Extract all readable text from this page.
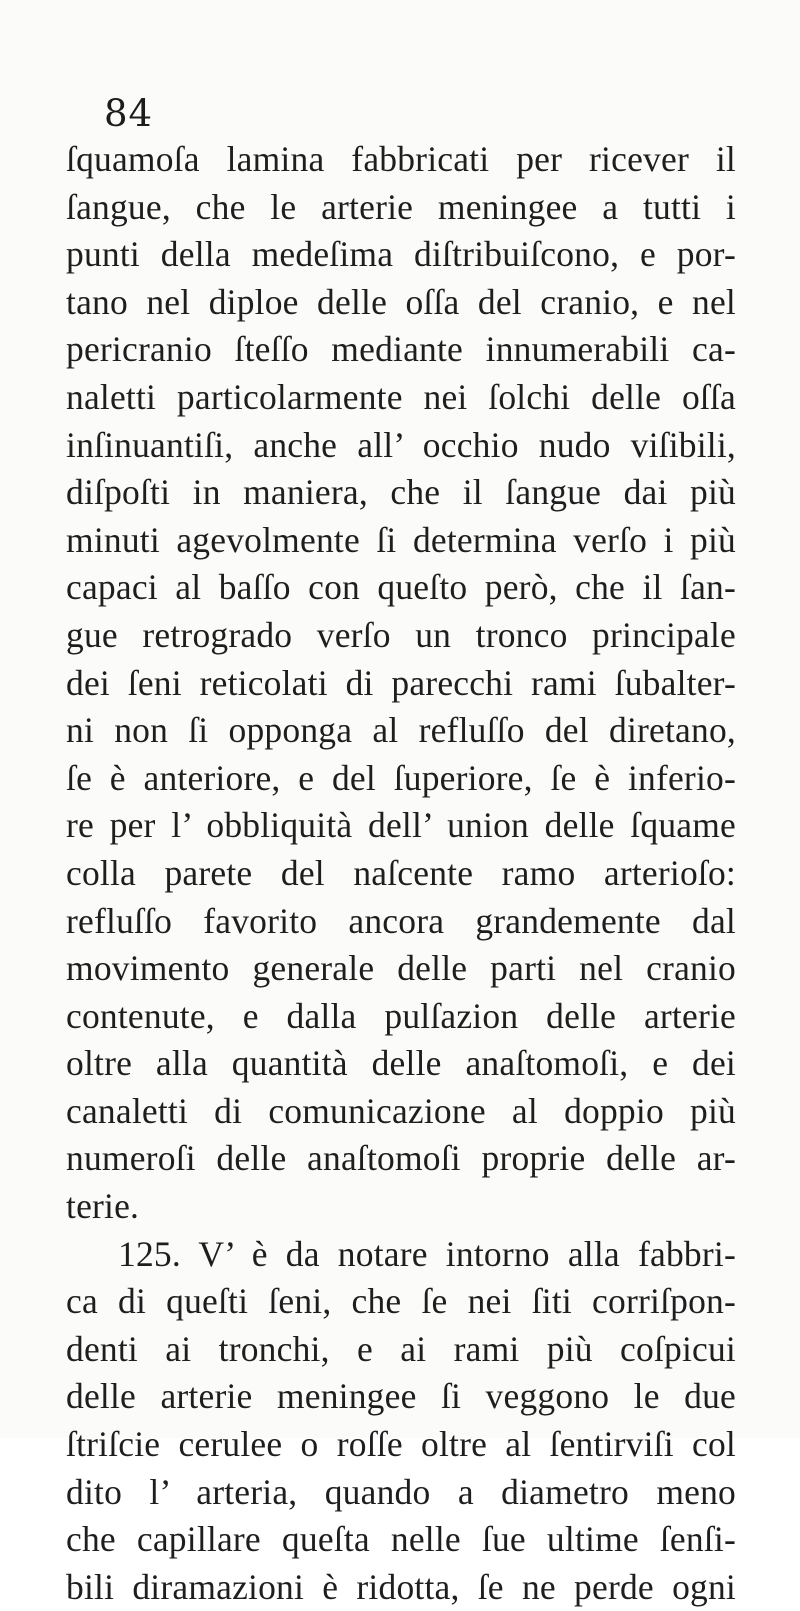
84
ſquamoſa lamina fabbricati per ricever il
ſangue, che le arterie meningee a tutti i
punti della medeſima diſtribuiſcono, e por-
tano nel diploe delle oſſa del cranio, e nel
pericranio ſteſſo mediante innumerabili ca-
naletti particolarmente nei ſolchi delle oſſa
inſinuantiſi, anche all’ occhio nudo viſibili,
diſpoſti in maniera, che il ſangue dai più
minuti agevolmente ſi determina verſo i più
capaci al baſſo con queſto però, che il ſan-
gue retrogrado verſo un tronco principale
dei ſeni reticolati di parecchi rami ſubalter-
ni non ſi opponga al refluſſo del diretano,
ſe è anteriore, e del ſuperiore, ſe è inferio-
re per l’ obbliquità dell’ union delle ſquame
colla parete del naſcente ramo arterioſo:
refluſſo favorito ancora grandemente dal
movimento generale delle parti nel cranio
contenute, e dalla pulſazion delle arterie
oltre alla quantità delle anaſtomoſi, e dei
canaletti di comunicazione al doppio più
numeroſi delle anaſtomoſi proprie delle ar-
terie.
125. V’ è da notare intorno alla fabbri-
ca di queſti ſeni, che ſe nei ſiti corriſpon-
denti ai tronchi, e ai rami più coſpicui
delle arterie meningee ſi veggono le due
ſtriſcie cerulee o roſſe oltre al ſentirviſi col
dito l’ arteria, quando a diametro meno
che capillare queſta nelle ſue ultime ſenſi-
bili diramazioni è ridotta, ſe ne perde ogni
